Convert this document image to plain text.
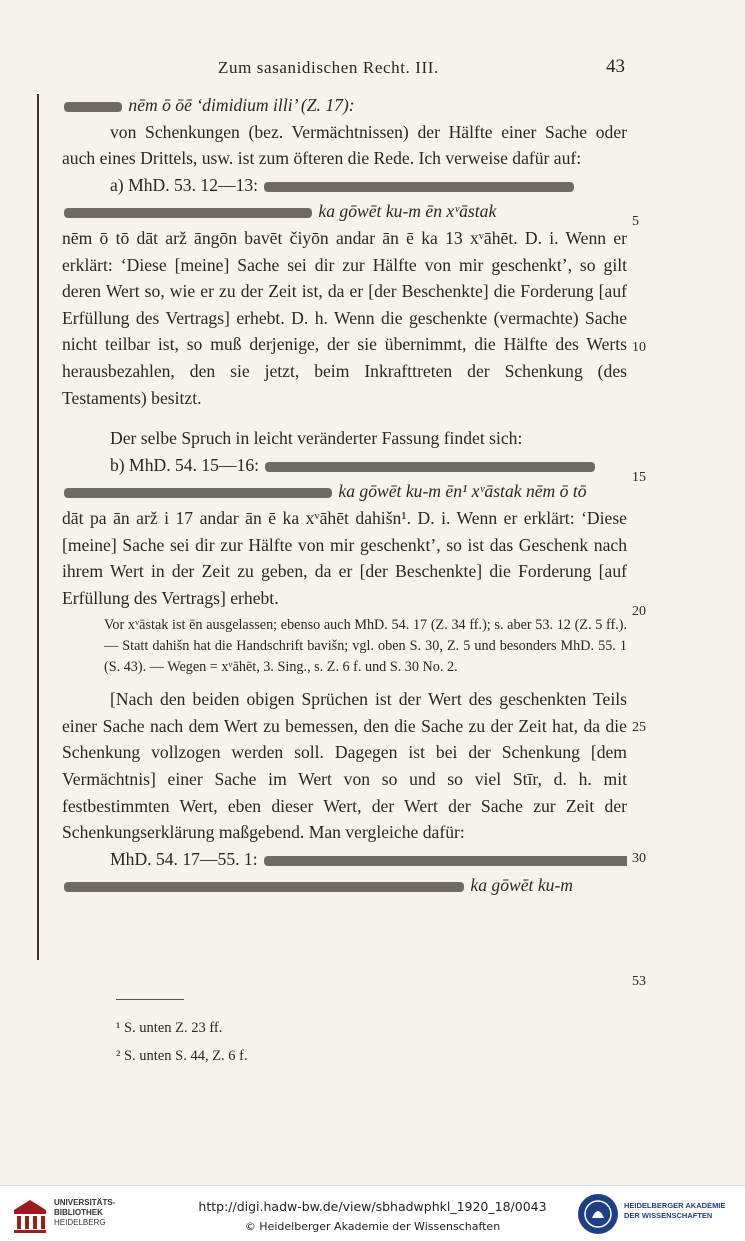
Zum sasanidischen Recht. III.	43

nēm ō ōē ‘dimidium illi’ (Z. 17):

von Schenkungen (bez. Vermächtnissen) der Hälfte einer Sache oder auch eines Drittels, usw. ist zum öfteren die Rede. Ich verweise dafür auf:

a) MhD. 53. 12—13:

ka gōwēt ku-m ēn xᵛāstak

nēm ō tō dāt arž āngōn bavēt čiyōn andar ān ē ka 13 xᵛāhēt. D. i. Wenn er erklärt: ‘Diese [meine] Sache sei dir zur Hälfte von mir geschenkt’, so gilt deren Wert so, wie er zu der Zeit ist, da er [der Beschenkte] die Forderung [auf Erfüllung des Vertrags] erhebt. D. h. Wenn die geschenkte (vermachte) Sache nicht teilbar ist, so muß derjenige, der sie übernimmt, die Hälfte des Werts herausbezahlen, den sie jetzt, beim Inkrafttreten der Schenkung (des Testaments) besitzt.

Der selbe Spruch in leicht veränderter Fassung findet sich:

b) MhD. 54. 15—16:

ka gōwēt ku-m ēn¹ xᵛāstak nēm ō tō

dāt pa ān arž i 17 andar ān ē ka xᵛāhēt dahišn¹. D. i. Wenn er erklärt: ‘Diese [meine] Sache sei dir zur Hälfte von mir geschenkt’, so ist das Geschenk nach ihrem Wert in der Zeit zu geben, da er [der Beschenkte] die Forderung [auf Erfüllung des Vertrags] erhebt.

Vor xᵛāstak ist ēn ausgelassen; ebenso auch MhD. 54. 17 (Z. 34 ff.); s. aber 53. 12 (Z. 5 ff.). — Statt dahišn hat die Handschrift bavišn; vgl. oben S. 30, Z. 5 und besonders MhD. 55. 1 (S. 43). — Wegen = xᵛāhēt, 3. Sing., s. Z. 6 f. und S. 30 No. 2.

[Nach den beiden obigen Sprüchen ist der Wert des geschenkten Teils einer Sache nach dem Wert zu bemessen, den die Sache zu der Zeit hat, da die Schenkung vollzogen werden soll. Dagegen ist bei der Schenkung [dem Vermächtnis] einer Sache im Wert von so und so viel Stīr, d. h. mit festbestimmten Wert, eben dieser Wert, der Wert der Sache zur Zeit der Schenkungserklärung maßgebend. Man vergleiche dafür:

MhD. 54. 17—55. 1:

ka gōwēt ku-m

5
10
15
20
25
30
53
¹ S. unten Z. 23 ff.
² S. unten S. 44, Z. 6 f.
UNIVERSITÄTS-
BIBLIOTHEK
HEIDELBERG
http://digi.hadw-bw.de/view/sbhadwphkl_1920_18/0043
© Heidelberger Akademie der Wissenschaften
HEIDELBERGER AKADEMIE
DER WISSENSCHAFTEN
